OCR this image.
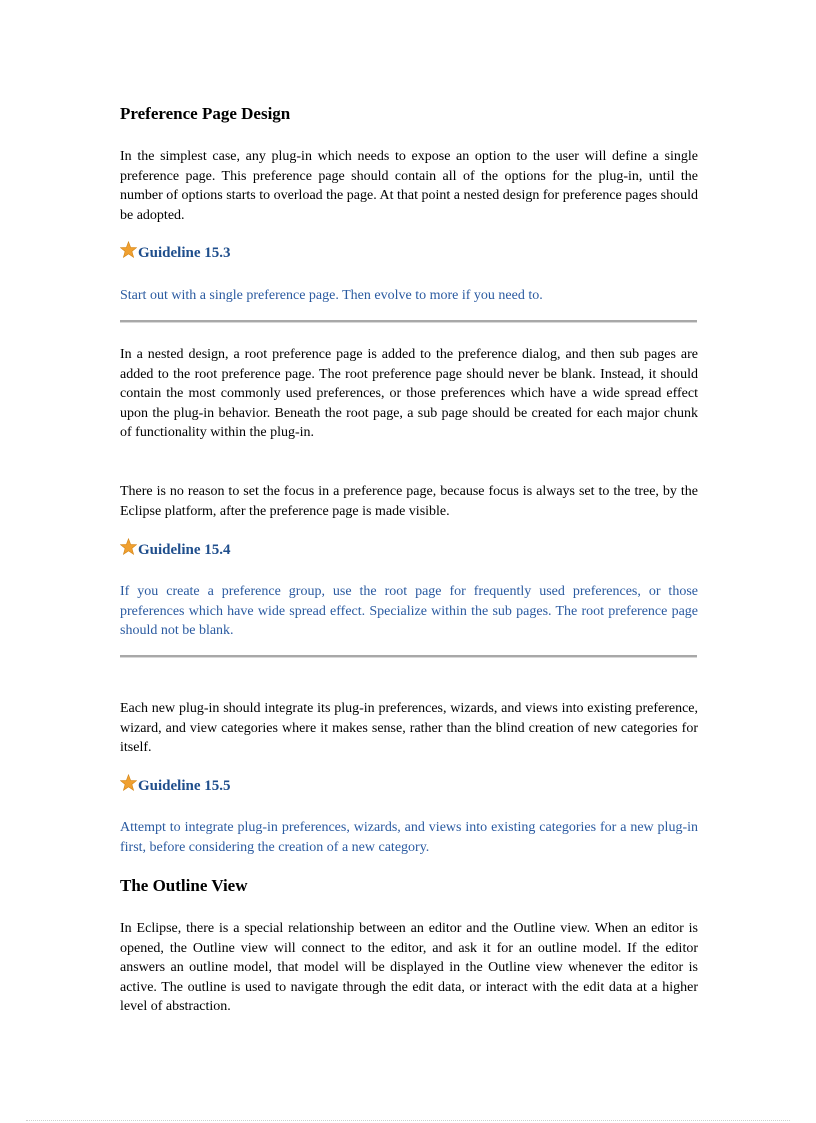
Preference Page Design

In the simplest case, any plug-in which needs to expose an option to the user will define a single preference page. This preference page should contain all of the options for the plug-in, until the number of options starts to overload the page. At that point a nested design for preference pages should be adopted.

Guideline 15.3

Start out with a single preference page. Then evolve to more if you need to.

In a nested design, a root preference page is added to the preference dialog, and then sub pages are added to the root preference page. The root preference page should never be blank. Instead, it should contain the most commonly used preferences, or those preferences which have a wide spread effect upon the plug-in behavior. Beneath the root page, a sub page should be created for each major chunk of functionality within the plug-in.

There is no reason to set the focus in a preference page, because focus is always set to the tree, by the Eclipse platform, after the preference page is made visible.

Guideline 15.4

If you create a preference group, use the root page for frequently used preferences, or those preferences which have wide spread effect. Specialize within the sub pages. The root preference page should not be blank.

Each new plug-in should integrate its plug-in preferences, wizards, and views into existing preference, wizard, and view categories where it makes sense, rather than the blind creation of new categories for itself.

Guideline 15.5

Attempt to integrate plug-in preferences, wizards, and views into existing categories for a new plug-in first, before considering the creation of a new category.

The Outline View

In Eclipse, there is a special relationship between an editor and the Outline view. When an editor is opened, the Outline view will connect to the editor, and ask it for an outline model. If the editor answers an outline model, that model will be displayed in the Outline view whenever the editor is active. The outline is used to navigate through the edit data, or interact with the edit data at a higher level of abstraction.
